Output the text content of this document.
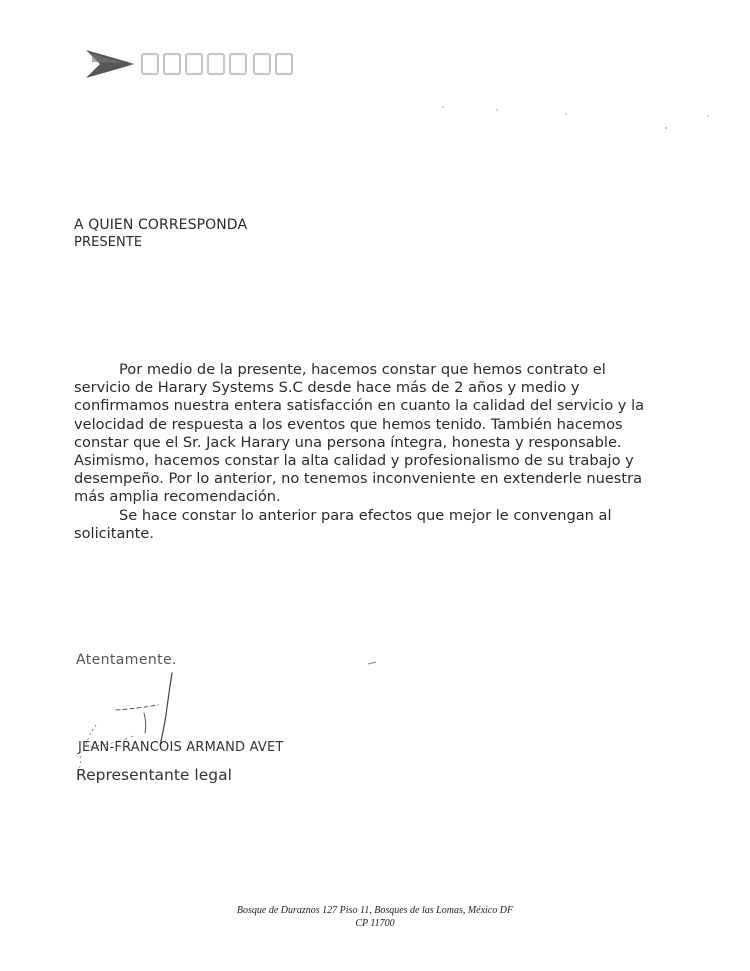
A QUIEN CORRESPONDA
PRESENTE

Por medio de la presente, hacemos constar que hemos contrato el servicio de Harary Systems S.C desde hace más de 2 años y medio y confirmamos nuestra entera satisfacción en cuanto la calidad del servicio y la velocidad de respuesta a los eventos que hemos tenido. También hacemos constar que el Sr. Jack Harary una persona íntegra, honesta y responsable. Asimismo, hacemos constar la alta calidad y profesionalismo de su trabajo y desempeño. Por lo anterior, no tenemos inconveniente en extenderle nuestra más amplia recomendación.

Se hace constar lo anterior para efectos que mejor le convengan al solicitante.

Atentamente.
JEAN-FRANCOIS ARMAND AVET
Representante legal
Bosque de Duraznos 127 Piso 11, Bosques de las Lomas, México DF
CP 11700
